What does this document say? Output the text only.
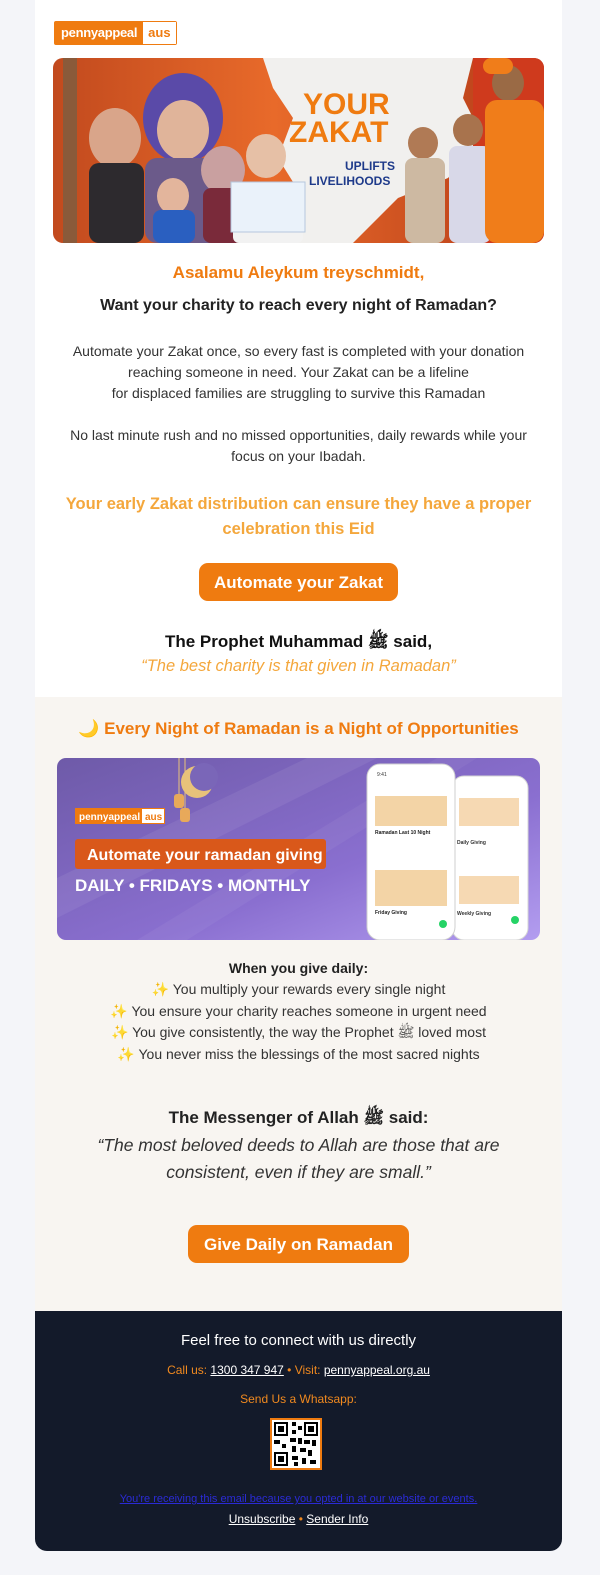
pennyappeal aus
YOUR
ZAKAT
UPLIFTS
LIVELIHOODS
Asalamu Aleykum treyschmidt,
Want your charity to reach every night of Ramadan?
Automate your Zakat once, so every fast is completed with your donation
reaching someone in need. Your Zakat can be a lifeline
for displaced families are struggling to survive this Ramadan
No last minute rush and no missed opportunities, daily rewards while your
focus on your Ibadah.
Your early Zakat distribution can ensure they have a proper celebration this Eid
Automate your Zakat
The Prophet Muhammad ﷺ said,
“The best charity is that given in Ramadan”
🌙 Every Night of Ramadan is a Night of Opportunities
pennyappeal aus
Automate your ramadan giving
DAILY • FRIDAYS • MONTHLY
Daily Giving
Weekly Giving
9:41
Ramadan Last 10 Night
Friday Giving
When you give daily:
✨ You multiply your rewards every single night
✨ You ensure your charity reaches someone in urgent need
✨ You give consistently, the way the Prophet ﷺ loved most
✨ You never miss the blessings of the most sacred nights
The Messenger of Allah ﷺ said:
“The most beloved deeds to Allah are those that are consistent, even if they are small.”
Give Daily on Ramadan
Feel free to connect with us directly
Call us: 1300 347 947 • Visit: pennyappeal.org.au
Send Us a Whatsapp:
You're receiving this email because you opted in at our website or events.
Unsubscribe • Sender Info
